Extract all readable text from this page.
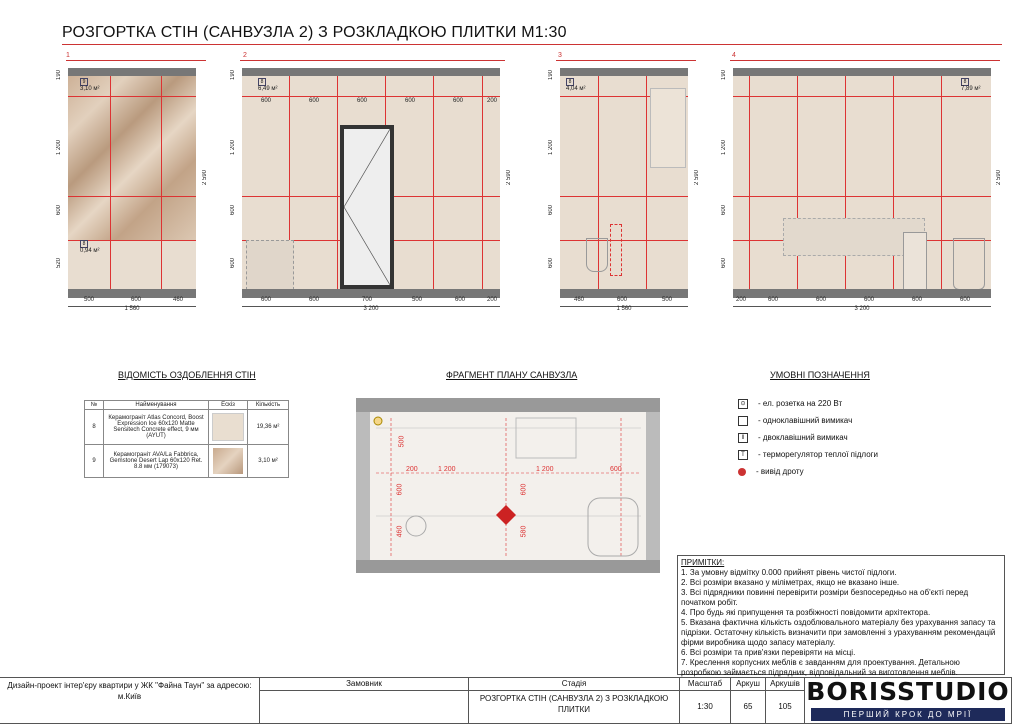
РОЗГОРТКА СТІН (САНВУЗЛА 2) З РОЗКЛАДКОЮ ПЛИТКИ М1:30
1
9
3,10 м²
8
0,94 м²
190
1 200
600
520
2 590
500	600	460
1 560
2
8
6,49 м²
600	600	600	600	600	200
190
1 200
600
600
2 590
600	600	700	500	600	200
3 200
3
8
4,04 м²
190
1 200
600
600
2 590
460	600	500
1 560
4
8
7,89 м²
190
1 200
600
600
2 590
200	600	600	600	600	600
3 200
ВІДОМІСТЬ ОЗДОБЛЕННЯ СТІН
№	Найменування	Ескіз	Кількість
8	Керамограніт Atlas Concord, Boost Expression Ice 60x120 Matte Sensitech Concrete effect, 9 мм (AYUT)		19,36 м²
9	Керамограніт AVA/La Fabbrica, Gemstone Desert Lap 60x120 Ret. 8.8 мм (179073)		3,10 м²
ФРАГМЕНТ ПЛАНУ САНВУЗЛА
500
200	1 200	1 200	600
600	600
460	580
УМОВНІ ПОЗНАЧЕННЯ
⊙ - ел. розетка на 220 Вт
- одноклавішний вимикач
‖ - двоклавішний вимикач
T - терморегулятор теплої підлоги
- вивід дроту
ПРИМІТКИ:
1. За умовну відмітку 0.000 прийнят рівень чистої підлоги.
2. Всі розміри вказано у міліметрах, якщо не вказано інше.
3. Всі підрядники повинні перевірити розміри безпосередньо на об'єкті перед початком робіт.
4. Про будь які припущення та розбіжності повідомити архітектора.
5. Вказана фактична кількість оздоблювального матеріалу без урахування запасу та підрізки. Остаточну кількість визначити при замовленні з урахуванням рекомендацій фірми виробника щодо запасу матеріалу.
6. Всі розміри та прив'язки перевіряти на місці.
7. Креслення корпусних меблів є завданням для проектування. Детальною розробкою займається підрядник, відповідальний за виготовлення меблів.
Дизайн-проект інтер'єру квартири у ЖК "Файна Таун" за адресою: м.Київ
Замовник	Стадія
РОЗГОРТКА СТІН (САНВУЗЛА 2) З РОЗКЛАДКОЮ ПЛИТКИ
Масштаб	Аркуш	Аркушів
1:30	65	105
BORISSTUDIO
ПЕРШИЙ КРОК ДО МРІЇ
